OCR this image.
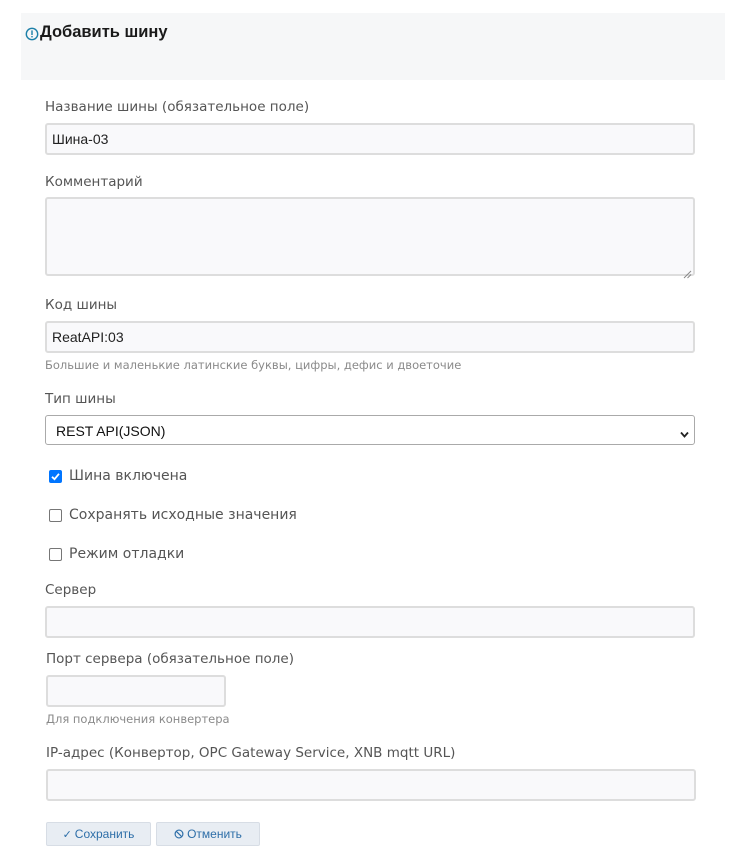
Добавить шину
Название шины (обязательное поле)
Шина-03
Комментарий
Код шины
ReatAPI:03
Большие и маленькие латинские буквы, цифры, дефис и двоеточие
Тип шины
REST API(JSON)
Шина включена
Сохранять исходные значения
Режим отладки
Сервер
Порт сервера (обязательное поле)
Для подключения конвертера
IP-адрес (Конвертор, OPC Gateway Service, XNB mqtt URL)
✓ Сохранить	Отменить
